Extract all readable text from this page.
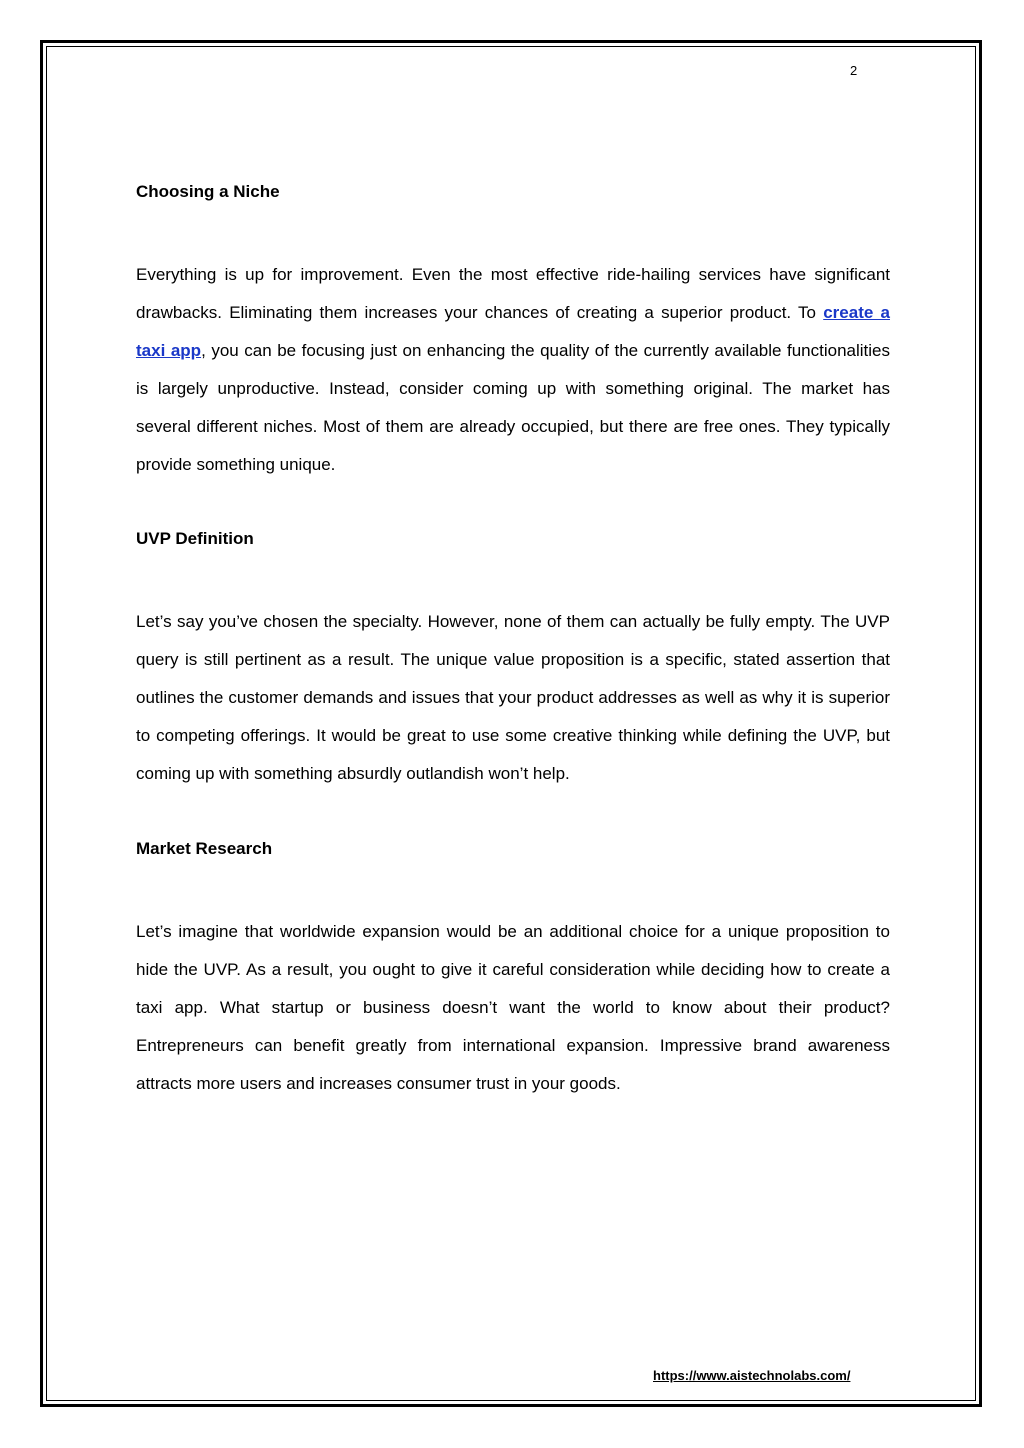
2
Choosing a Niche

Everything is up for improvement. Even the most effective ride-hailing services have significant drawbacks. Eliminating them increases your chances of creating a superior product. To create a taxi app, you can be focusing just on enhancing the quality of the currently available functionalities is largely unproductive. Instead, consider coming up with something original. The market has several different niches. Most of them are already occupied, but there are free ones. They typically provide something unique.

UVP Definition

Let’s say you’ve chosen the specialty. However, none of them can actually be fully empty. The UVP query is still pertinent as a result. The unique value proposition is a specific, stated assertion that outlines the customer demands and issues that your product addresses as well as why it is superior to competing offerings. It would be great to use some creative thinking while defining the UVP, but coming up with something absurdly outlandish won’t help.

Market Research

Let’s imagine that worldwide expansion would be an additional choice for a unique proposition to hide the UVP. As a result, you ought to give it careful consideration while deciding how to create a taxi app. What startup or business doesn’t want the world to know about their product? Entrepreneurs can benefit greatly from international expansion. Impressive brand awareness attracts more users and increases consumer trust in your goods.

https://www.aistechnolabs.com/
